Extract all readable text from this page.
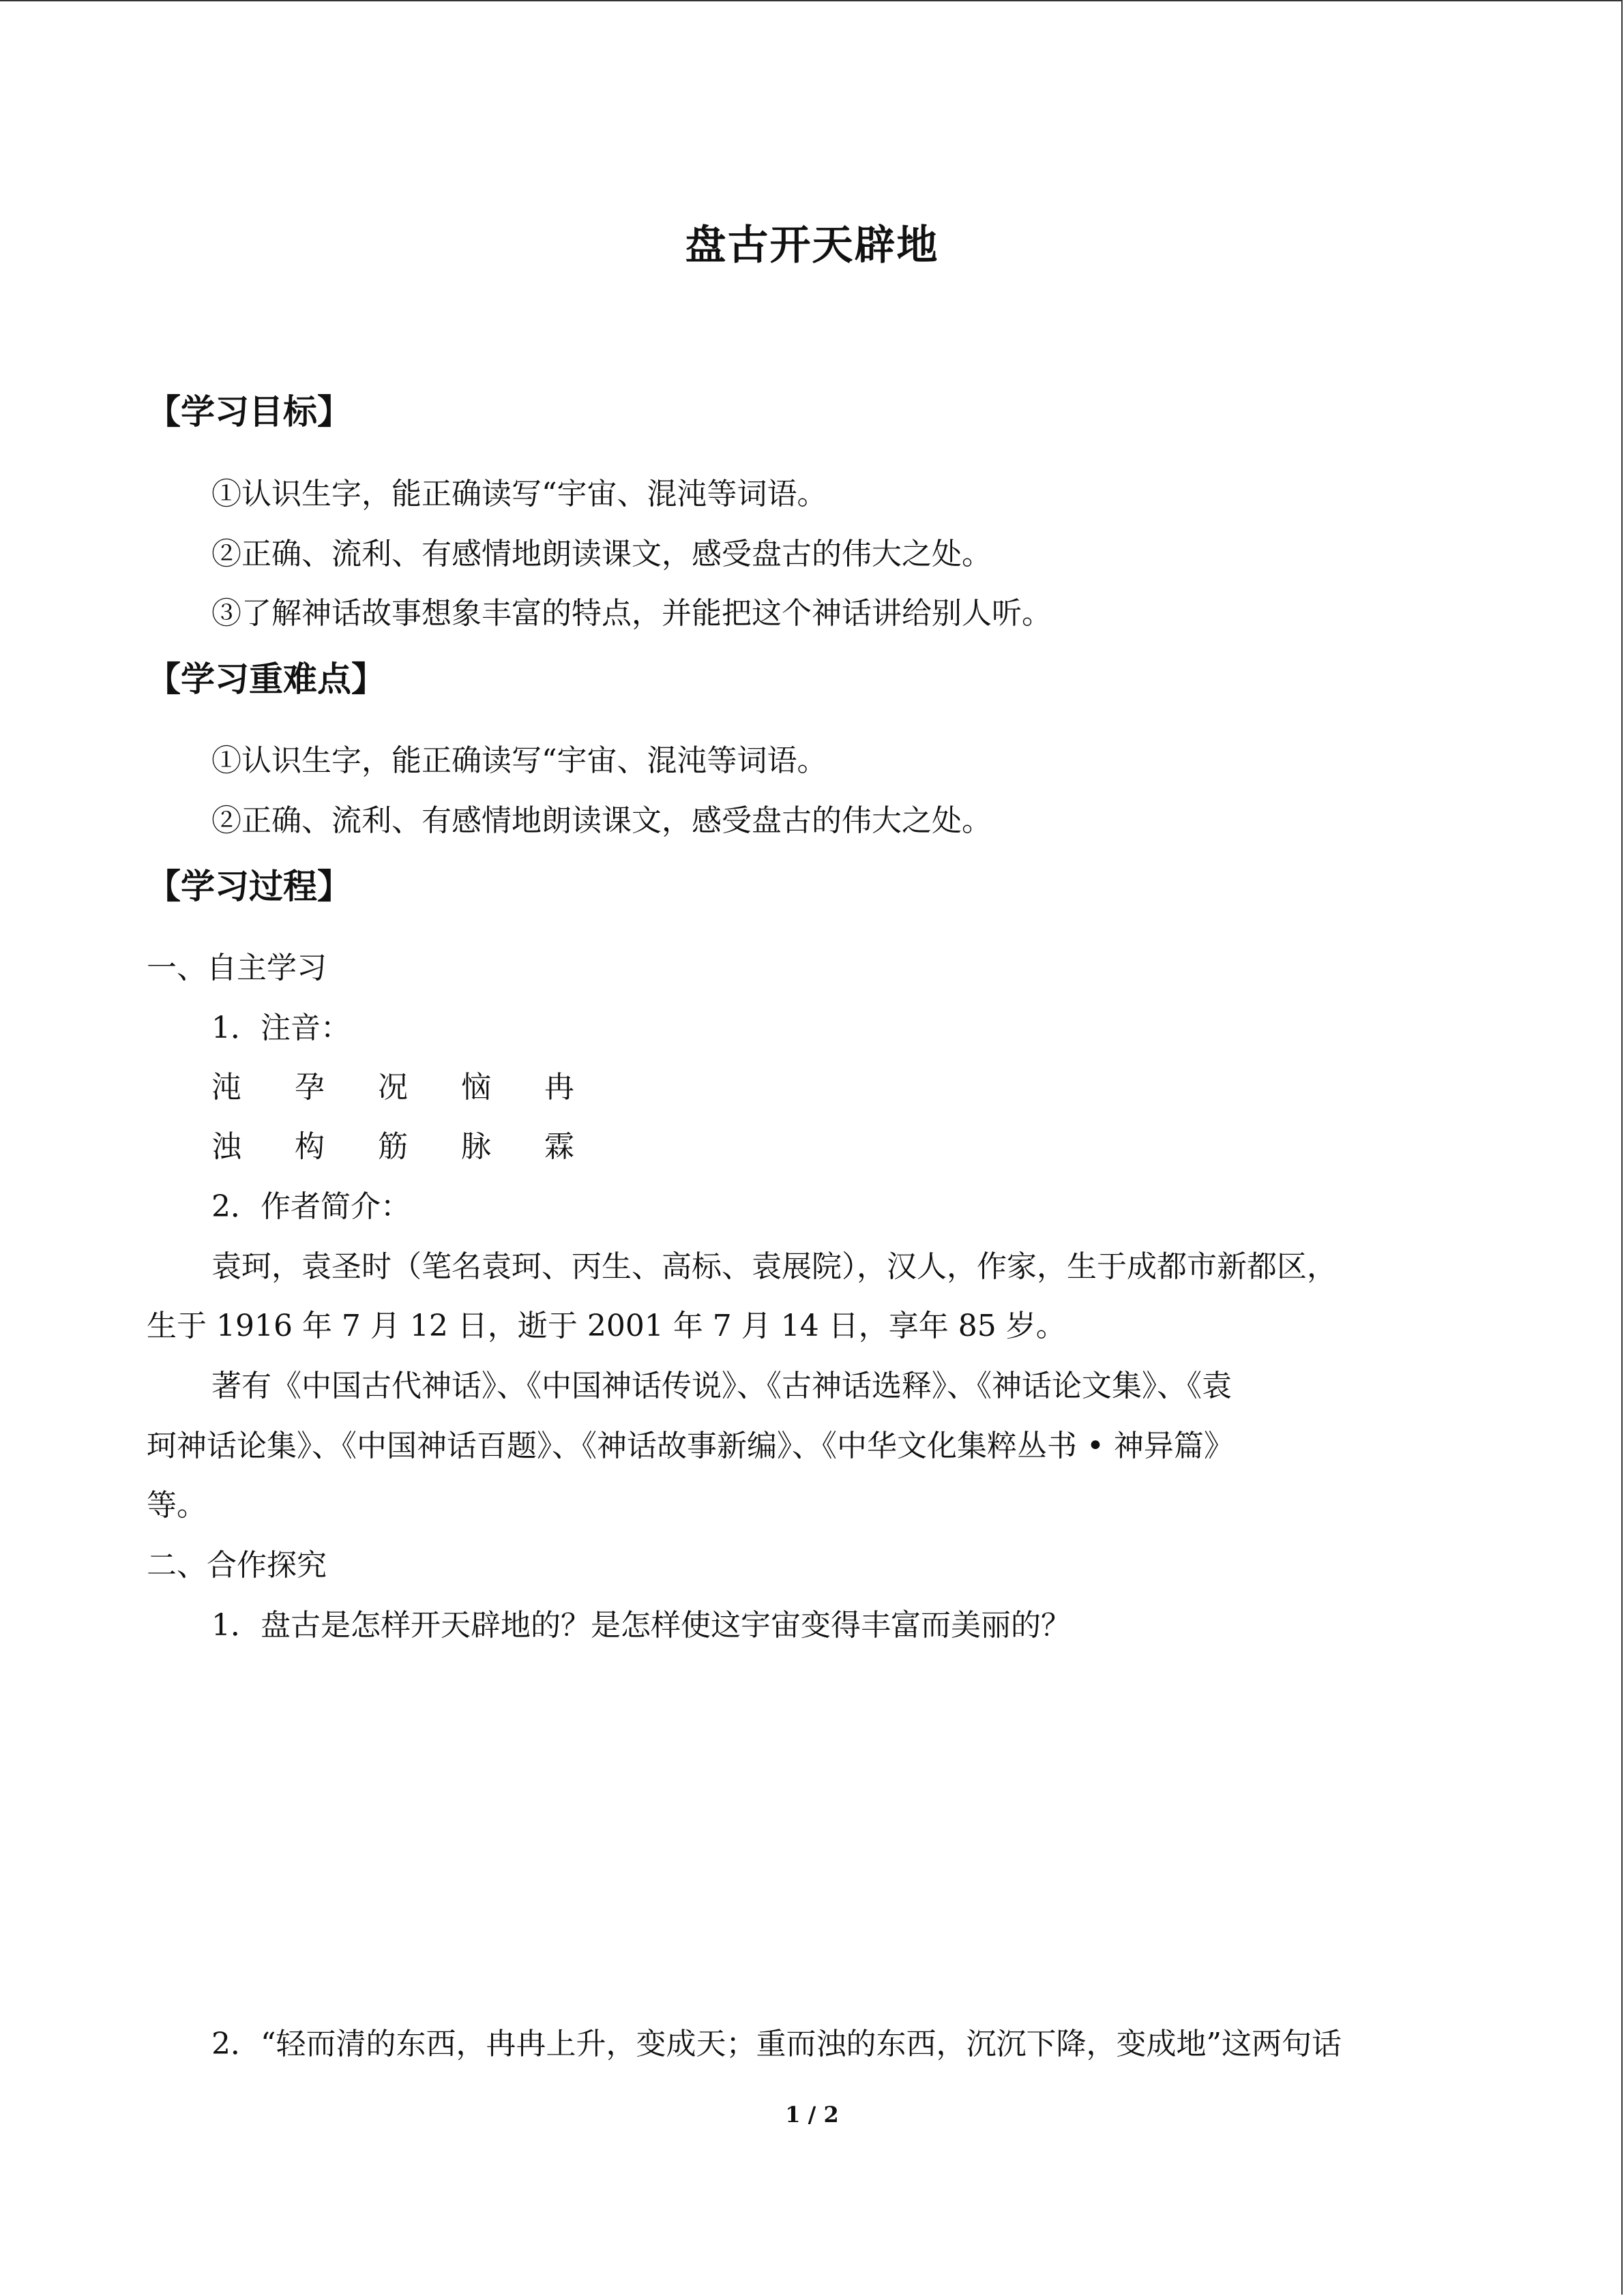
盘古开天辟地
【学习目标】
①认识生字，能正确读写“宇宙、混沌等词语。
②正确、流利、有感情地朗读课文，感受盘古的伟大之处。
③了解神话故事想象丰富的特点，并能把这个神话讲给别人听。
【学习重难点】
①认识生字，能正确读写“宇宙、混沌等词语。
②正确、流利、有感情地朗读课文，感受盘古的伟大之处。
【学习过程】
一、自主学习
1．注音：
沌 孕 况 恼 冉
浊 构 筋 脉 霖
2．作者简介：
袁珂，袁圣时（笔名袁珂、丙生、高标、袁展院），汉人，作家，生于成都市新都区，
生于 1916 年 7 月 12 日，逝于 2001 年 7 月 14 日，享年 85 岁。
著有《中国古代神话》、《中国神话传说》、《古神话选释》、《神话论文集》、《袁
珂神话论集》、《中国神话百题》、《神话故事新编》、《中华文化集粹丛书 • 神异篇》
等。
二、合作探究
1．盘古是怎样开天辟地的？是怎样使这宇宙变得丰富而美丽的？
2．“轻而清的东西，冉冉上升，变成天；重而浊的东西，沉沉下降，变成地”这两句话
1 / 2
